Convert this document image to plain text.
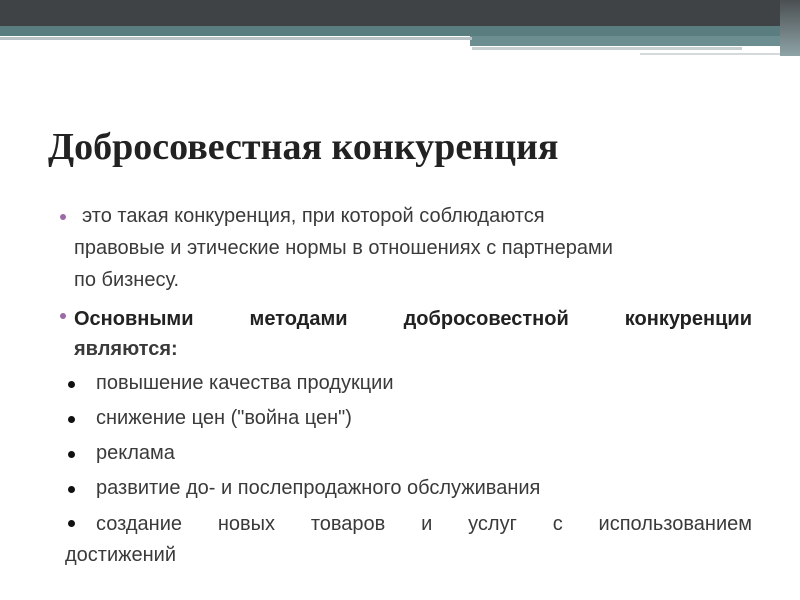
Добросовестная конкуренция
это такая конкуренция, при которой соблюдаются
правовые и этические нормы в отношениях с партнерами
по бизнесу.
Основными методами добросовестной конкуренции
являются:
повышение качества продукции
снижение цен ("война цен")
реклама
развитие до- и послепродажного обслуживания
создание новых товаров и услуг с использованием
достижений
